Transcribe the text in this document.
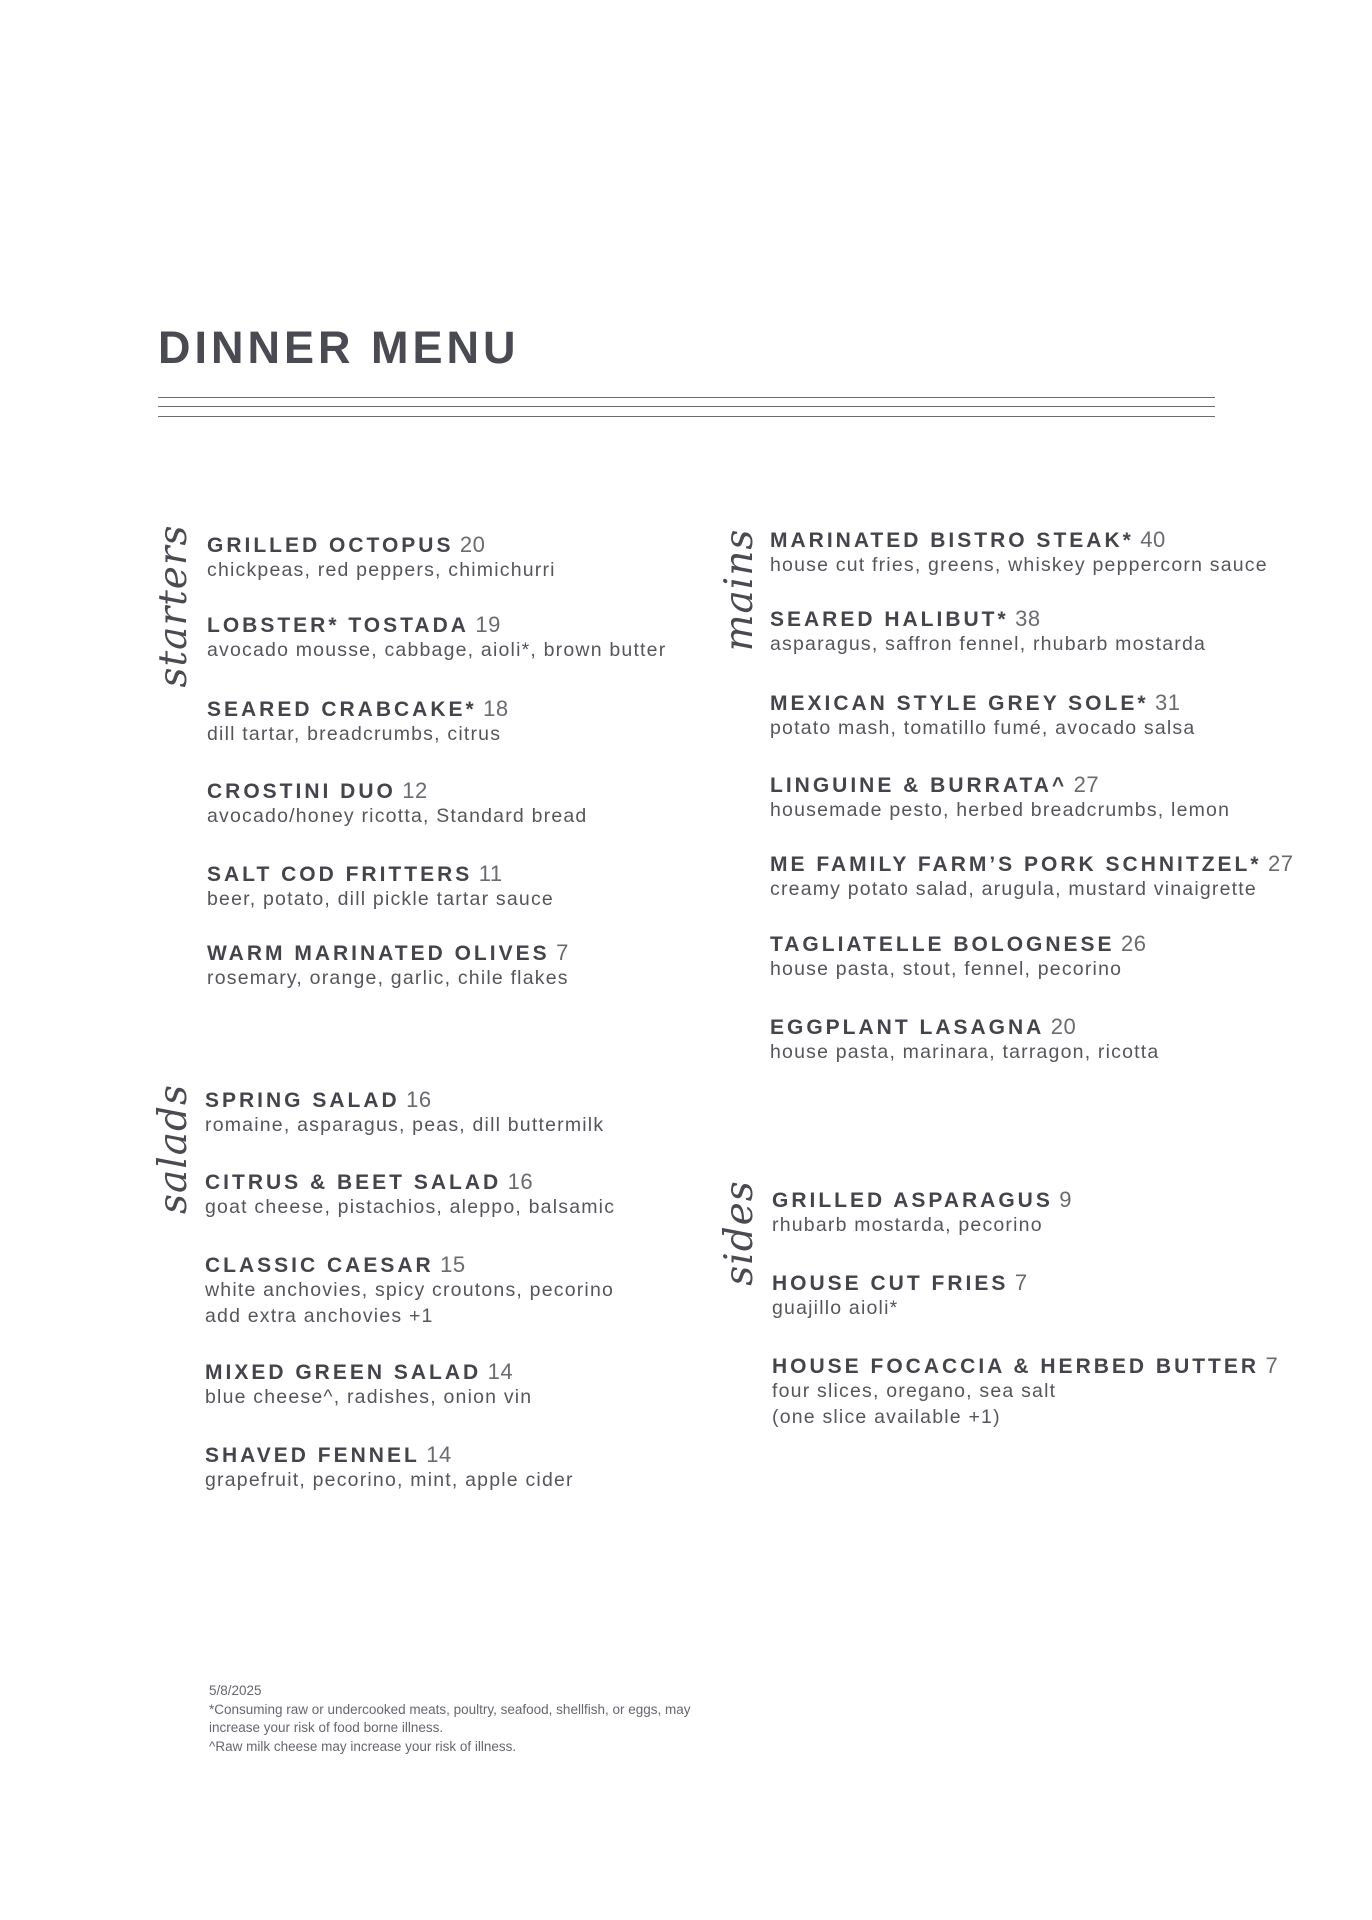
DINNER MENU
starters
salads
mains
sides
GRILLED OCTOPUS 20
chickpeas, red peppers, chimichurri
LOBSTER* TOSTADA 19
avocado mousse, cabbage, aioli*, brown butter
SEARED CRABCAKE* 18
dill tartar, breadcrumbs, citrus
CROSTINI DUO 12
avocado/honey ricotta, Standard bread
SALT COD FRITTERS 11
beer, potato, dill pickle tartar sauce
WARM MARINATED OLIVES 7
rosemary, orange, garlic, chile flakes
SPRING SALAD 16
romaine, asparagus, peas, dill buttermilk
CITRUS & BEET SALAD 16
goat cheese, pistachios, aleppo, balsamic
CLASSIC CAESAR 15
white anchovies, spicy croutons, pecorino
add extra anchovies +1
MIXED GREEN SALAD 14
blue cheese^, radishes, onion vin
SHAVED FENNEL 14
grapefruit, pecorino, mint, apple cider
MARINATED BISTRO STEAK* 40
house cut fries, greens, whiskey peppercorn sauce
SEARED HALIBUT* 38
asparagus, saffron fennel, rhubarb mostarda
MEXICAN STYLE GREY SOLE* 31
potato mash, tomatillo fumé, avocado salsa
LINGUINE & BURRATA^ 27
housemade pesto, herbed breadcrumbs, lemon
ME FAMILY FARM’S PORK SCHNITZEL* 27
creamy potato salad, arugula, mustard vinaigrette
TAGLIATELLE BOLOGNESE 26
house pasta, stout, fennel, pecorino
EGGPLANT LASAGNA 20
house pasta, marinara, tarragon, ricotta
GRILLED ASPARAGUS 9
rhubarb mostarda, pecorino
HOUSE CUT FRIES 7
guajillo aioli*
HOUSE FOCACCIA & HERBED BUTTER 7
four slices, oregano, sea salt
(one slice available +1)
5/8/2025
*Consuming raw or undercooked meats, poultry, seafood, shellfish, or eggs, may
increase your risk of food borne illness.
^Raw milk cheese may increase your risk of illness.
